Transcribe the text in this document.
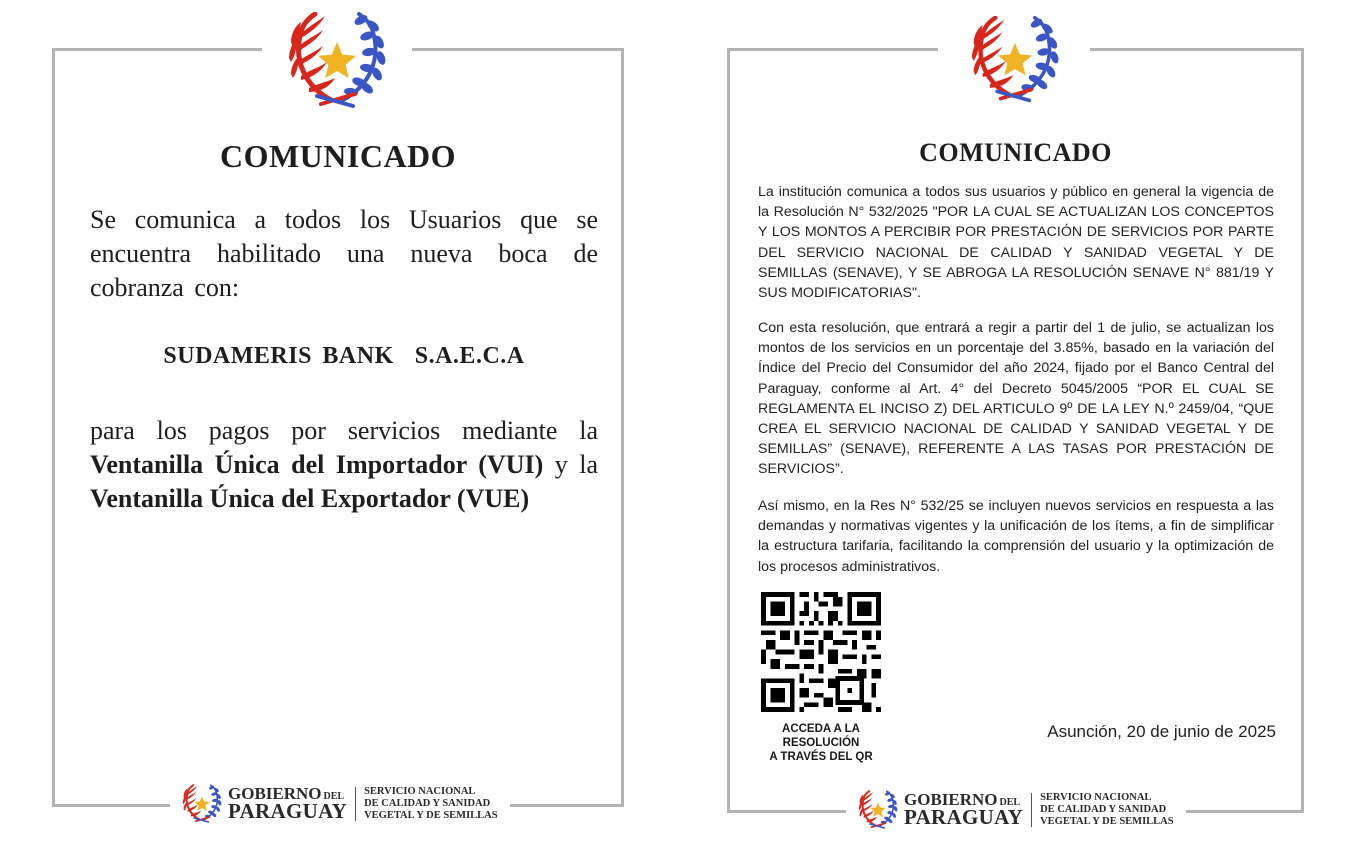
COMUNICADO
Se comunica a todos los Usuarios que se encuentra habilitado una nueva boca de cobranza con:
SUDAMERIS BANK  S.A.E.C.A
para los pagos por servicios mediante la
Ventanilla Única del Importador (VUI) y la
Ventanilla Única del Exportador (VUE)
GOBIERNO DEL
PARAGUAY
SERVICIO NACIONAL
DE CALIDAD Y SANIDAD
VEGETAL Y DE SEMILLAS
COMUNICADO
La institución comunica a todos sus usuarios y público en general la vigencia de la Resolución N° 532/2025 "POR LA CUAL SE ACTUALIZAN LOS CONCEPTOS Y LOS MONTOS A PERCIBIR POR PRESTACIÓN DE SERVICIOS POR PARTE DEL SERVICIO NACIONAL DE CALIDAD Y SANIDAD VEGETAL Y DE SEMILLAS (SENAVE), Y SE ABROGA LA RESOLUCIÓN SENAVE N° 881/19 Y SUS MODIFICATORIAS".
Con esta resolución, que entrará a regir a partir del 1 de julio, se actualizan los montos de los servicios en un porcentaje del 3.85%, basado en la variación del Índice del Precio del Consumidor del año 2024, fijado por el Banco Central del Paraguay, conforme al Art. 4° del Decreto 5045/2005 “POR EL CUAL SE REGLAMENTA EL INCISO Z) DEL ARTICULO 9º DE LA LEY N.º 2459/04, “QUE CREA EL SERVICIO NACIONAL DE CALIDAD Y SANIDAD VEGETAL Y DE SEMILLAS” (SENAVE), REFERENTE A LAS TASAS POR PRESTACIÓN DE SERVICIOS”.
Así mismo, en la Res N° 532/25 se incluyen nuevos servicios en respuesta a las demandas y normativas vigentes y la unificación de los ítems, a fin de simplificar la estructura tarifaria, facilitando la comprensión del usuario y la optimización de los procesos administrativos.
ACCEDA A LA
RESOLUCIÓN
A TRAVÉS DEL QR
Asunción, 20 de junio de 2025
GOBIERNO DEL
PARAGUAY
SERVICIO NACIONAL
DE CALIDAD Y SANIDAD
VEGETAL Y DE SEMILLAS
